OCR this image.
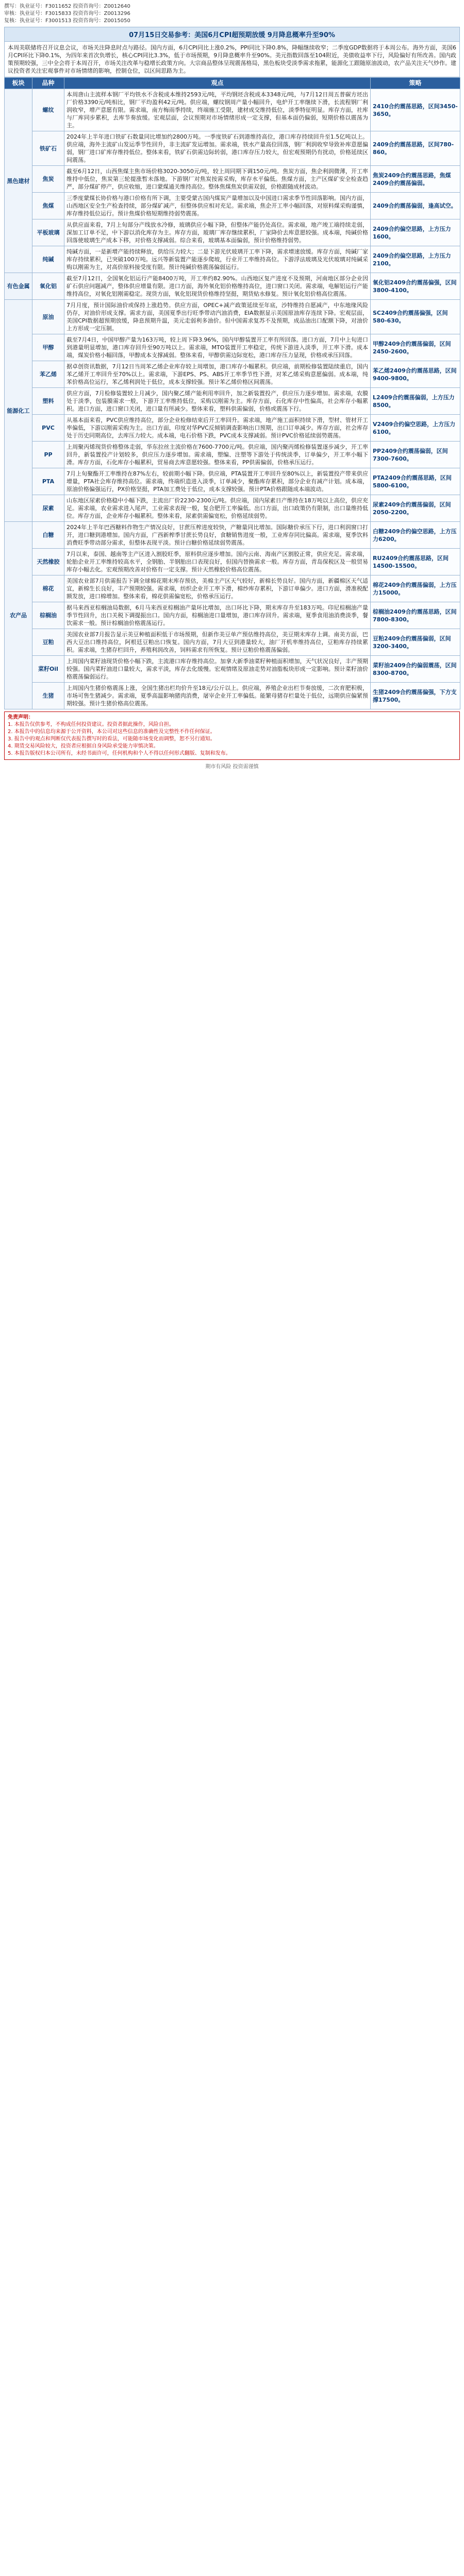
撰写： 执业证号：F3011652 投资咨询号：Z0012640
审核： 执业证号：F3015833 投资咨询号：Z0013296
复核： 执业证号：F3001513 投资咨询号：Z0015050
07月15日交易参考：美国6月CPI超预期放缓 9月降息概率升至90%
本周美联储将召开议息会议，市场关注降息时点与路径。国内方面，6月CPI同比上涨0.2%，PPI同比下降0.8%，降幅继续收窄；二季度GDP数据将于本周公布。海外方面，美国6月CPI环比下降0.1%，为四年来首次负增长，核心CPI同比3.3%，低于市场预期，9月降息概率升至90%。美元指数回落至104附近，美债收益率下行，风险偏好有所改善。国内政策预期较强，三中全会将于本周召开，市场关注改革与稳增长政策方向。大宗商品整体呈现震荡格局，黑色板块受淡季需求拖累，能源化工跟随原油波动，农产品关注天气炒作。建议投资者关注宏观事件对市场情绪的影响，控制仓位，以区间思路为主。
板块	品种	观点	策略
黑色建材	螺纹	本周唐山主流样本钢厂平均铁水不含税成本维持2593元/吨，平均钢坯含税成本3348元/吨，与7月12日周五普碳方坯出厂价格3390元/吨相比，钢厂平均盈利42元/吨。供应端，螺纹钢周产量小幅回升，电炉开工率继续下滑，长流程钢厂利润收窄，增产意愿有限。需求端，南方梅雨季持续，终端施工受限，建材成交维持低位，淡季特征明显。库存方面，社库与厂库同步累积，去库节奏放缓。宏观层面，会议预期对市场情绪形成一定支撑，但基本面仍偏弱，短期价格以震荡为主。	2410合约震荡思路，区间3450-3650。
	铁矿石	2024年上半年进口铁矿石数量同比增加约2800万吨。一季度铁矿石到港维持高位，港口库存持续回升至1.5亿吨以上。供应端，海外主流矿山发运季节性回升，非主流矿发运增加。需求端，铁水产量高位回落，钢厂利润收窄导致补库意愿偏弱，钢厂进口矿库存维持低位。整体来看，铁矿石供需边际转弱，港口库存压力较大，但宏观预期仍有扰动，价格延续区间震荡。	2409合约震荡思路，区间780-860。
	焦炭	截至6月12日，山西焦煤主焦市场价格3020-3050元/吨，较上周同期下调150元/吨。焦炭方面，焦企利润微薄，开工率维持中低位，焦炭第三轮提涨暂未落地。下游钢厂对焦炭按需采购，库存水平偏低。焦煤方面，主产区煤矿安全检查趋严，部分煤矿停产，供应收缩，进口蒙煤通关维持高位。整体焦煤焦炭供需双弱，价格跟随成材波动。	焦炭2409合约震荡思路，焦煤2409合约震荡偏弱。
	焦煤	三季度蒙煤长协价格与港口价格有所下调，主要受蒙古国内煤炭产量增加以及中国进口需求季节性回落影响。国内方面，山西地区安全生产检查持续，部分煤矿减产，但整体供应相对充足。需求端，焦企开工率小幅回落，对原料煤采购谨慎，库存维持低位运行。预计焦煤价格短期维持弱势震荡。	2409合约震荡偏弱，逢高试空。
	平板玻璃	从供应面来看，7月上旬部分产线放水冷修，玻璃供应小幅下降，但整体产能仍处高位。需求端，地产竣工端持续走弱，深加工订单不足，中下游以消化库存为主。库存方面，玻璃厂库存继续累积，厂家降价去库意愿较强。成本端，纯碱价格回落使玻璃生产成本下移，对价格支撑减弱。综合来看，玻璃基本面偏弱，预计价格维持弱势。	2409合约偏空思路，上方压力1600。
	纯碱	纯碱方面，一是新增产能持续释放，供给压力较大；二是下游光伏玻璃开工率下降，需求增速放缓。库存方面，纯碱厂家库存持续累积，已突破100万吨。远兴等新装置产能逐步爬坡，行业开工率维持高位。下游浮法玻璃及光伏玻璃对纯碱采购以刚需为主，对高价原料接受度有限。预计纯碱价格震荡偏弱运行。	2409合约偏空思路，上方压力2100。
有色金属	氧化铝	截至7月12日，全国氧化铝运行产能8400万吨，开工率约82.90%。山西地区复产进度不及预期，河南地区部分企业因矿石供应问题减产，整体供应增量有限。进口方面，海外氧化铝价格维持高位，进口窗口关闭。需求端，电解铝运行产能维持高位，对氧化铝刚需稳定。现货方面，氧化铝现货价格维持坚挺，期货贴水修复。预计氧化铝价格高位震荡。	氧化铝2409合约震荡偏强，区间3800-4100。
能源化工	原油	7月月度，预计国际油价或保持上涨趋势。供应方面，OPEC+减产政策延续至年底，沙特维持自愿减产，中东地缘风险仍存，对油价形成支撑。需求方面，美国夏季出行旺季带动汽油消费，EIA数据显示美国原油库存连续下降。宏观层面，美国CPI数据超预期放缓，降息预期升温，美元走弱利多油价。但中国需求复苏不及预期，成品油出口配额下降，对油价上方形成一定压制。	SC2409合约震荡偏强，区间580-630。
	甲醇	截至7月4日，中国甲醇产量为163万吨，较上周下降3.96%，国内甲醇装置开工率有所回落。进口方面，7月中上旬进口到港量明显增加，港口库存回升至90万吨以上。需求端，MTO装置开工率稳定，传统下游进入淡季，开工率下滑。成本端，煤炭价格小幅回落，甲醇成本支撑减弱。整体来看，甲醇供需边际宽松，港口库存压力显现，价格或承压回落。	甲醇2409合约震荡偏弱，区间2450-2600。
	苯乙烯	据卓创资讯数据，7月12日当周苯乙烯企业库存较上周增加，港口库存小幅累积。供应端，前期检修装置陆续重启，国内苯乙烯开工率回升至70%以上。需求端，下游EPS、PS、ABS开工率季节性下滑，对苯乙烯采购意愿偏弱。成本端，纯苯价格高位运行，苯乙烯利润处于低位，成本支撑较强。预计苯乙烯价格区间震荡。	苯乙烯2409合约震荡思路，区间9400-9800。
	塑料	供应方面，7月检修装置较上月减少，国内聚乙烯产能利用率回升，加之新装置投产，供应压力逐步增加。需求端，农膜处于淡季，包装膜需求一般，下游开工率维持低位，采购以刚需为主。库存方面，石化库存中性偏高，社会库存小幅累积。进口方面，进口窗口关闭，进口量有所减少。整体来看，塑料供需偏弱，价格或震荡下行。	L2409合约震荡偏弱，上方压力8500。
	PVC	从基本面来看，PVC供应维持高位，部分企业检修结束后开工率回升。需求端，地产施工面积持续下滑，型材、管材开工率偏低，下游以刚需采购为主。出口方面，印度对华PVC反倾销调查影响出口预期，出口订单减少。库存方面，社会库存处于历史同期高位，去库压力较大。成本端，电石价格下跌，PVC成本支撑减弱。预计PVC价格延续弱势震荡。	V2409合约偏空思路，上方压力6100。
	PP	上周聚丙烯现货价格整体走弱，华东拉丝主流价格在7600-7700元/吨。供应端，国内聚丙烯检修装置逐步减少，开工率回升，新装置投产计划较多，供应压力逐步增加。需求端，塑编、注塑等下游处于传统淡季，订单偏少，开工率小幅下滑。库存方面，石化库存小幅累积，贸易商去库意愿较强。整体来看，PP供需偏弱，价格承压运行。	PP2409合约震荡偏弱，区间7300-7600。
	PTA	7月上旬聚酯开工率维持在87%左右，较前期小幅下降。供应端，PTA装置开工率回升至80%以上，新装置投产带来供应增量，PTA社会库存维持高位。需求端，终端织造进入淡季，订单减少，聚酯库存累积，部分企业有减产计划。成本端，原油价格偏强运行，PX价格坚挺，PTA加工费处于低位，成本支撑较强。预计PTA价格跟随成本端波动。	PTA2409合约震荡思路，区间5800-6100。
	尿素	山东地区尿素价格稳中小幅下跌，主流出厂价2230-2300元/吨。供应端，国内尿素日产维持在18万吨以上高位，供应充足。需求端，农业需求进入尾声，工业需求表现一般，复合肥开工率偏低。出口方面，出口政策仍有限制，出口量维持低位。库存方面，企业库存小幅累积。整体来看，尿素供需偏宽松，价格延续弱势。	尿素2409合约震荡偏弱，区间2050-2200。
农产品	白糖	2024年上半年巴西糖料作物生产情况良好，甘蔗压榨进度较快，产糖量同比增加。国际糖价承压下行，进口利润窗口打开，进口糖到港增加。国内方面，广西新榨季甘蔗长势良好，食糖销售进度一般，工业库存同比偏高。需求端，夏季饮料消费旺季带动部分需求，但整体表现平淡。预计白糖价格延续弱势震荡。	白糖2409合约偏空思路，上方压力6200。
	天然橡胶	7月以来，泰国、越南等主产区进入割胶旺季，原料供应逐步增加。国内云南、海南产区割胶正常，供应充足。需求端，轮胎企业开工率维持较高水平，全钢胎、半钢胎出口表现良好，但国内替换需求一般。库存方面，青岛保税区及一般贸易库存小幅去化。宏观预期改善对价格有一定支撑。预计天然橡胶价格高位震荡。	RU2409合约震荡思路，区间14500-15500。
	棉花	美国农业部7月供需报告下调全球棉花期末库存预估，美棉主产区天气较好，新棉长势良好。国内方面，新疆棉区天气适宜，新棉生长良好，丰产预期较强。需求端，纺织企业开工率下滑，棉纱库存累积，下游订单偏少。进口方面，滑准税配额发放，进口棉增加。整体来看，棉花供需偏宽松，价格承压运行。	棉花2409合约震荡偏弱，上方压力15000。
	棕榈油	据马来西亚棕榈油局数据，6月马来西亚棕榈油产量环比增加，出口环比下降，期末库存升至183万吨。印尼棕榈油产量季节性回升，出口关税下调提振出口。国内方面，棕榈油进口量增加，港口库存回升。需求端，夏季食用油消费淡季，餐饮需求一般。预计棕榈油价格震荡运行。	棕榈油2409合约震荡思路，区间7800-8300。
	豆粕	美国农业部7月报告显示美豆种植面积低于市场预期，但新作美豆单产预估维持高位，美豆期末库存上调。南美方面，巴西大豆出口维持高位，阿根廷豆粕出口恢复。国内方面，7月大豆到港量较大，油厂开机率维持高位，豆粕库存持续累积。需求端，生猪存栏回升，养殖利润改善，饲料需求有所恢复。预计豆粕价格震荡偏弱。	豆粕2409合约震荡偏弱，区间3200-3400。
	菜籽Oil	上周国内菜籽油现货价格小幅下跌，主流港口库存维持高位。加拿大新季油菜籽种植面积增加，天气状况良好，丰产预期较强。国内菜籽油进口量较大，需求平淡，库存去化缓慢。宏观情绪及原油走势对油脂板块形成一定影响。预计菜籽油价格震荡偏弱运行。	菜籽油2409合约偏弱震荡，区间8300-8700。
	生猪	上周国内生猪价格震荡上涨，全国生猪出栏均价升至18元/公斤以上。供应端，养殖企业出栏节奏放缓，二次育肥积极，市场可售生猪减少。需求端，夏季高温影响猪肉消费，屠宰企业开工率偏低。能繁母猪存栏量处于低位，远期供应偏紧预期较强。预计生猪价格高位震荡。	生猪2409合约震荡偏强，下方支撑17500。
免责声明：
1. 本报告仅供参考，不构成任何投资建议。投资者据此操作，风险自担。
2. 本报告中的信息均来源于公开资料，本公司对这些信息的准确性及完整性不作任何保证。
3. 报告中的观点和判断仅代表报告撰写时的看法，可能随市场变化而调整，恕不另行通知。
4. 期货交易风险较大，投资者应根据自身风险承受能力审慎决策。
5. 本报告版权归本公司所有，未经书面许可，任何机构和个人不得以任何形式翻版、复制和发布。
期市有风险 投资需谨慎
